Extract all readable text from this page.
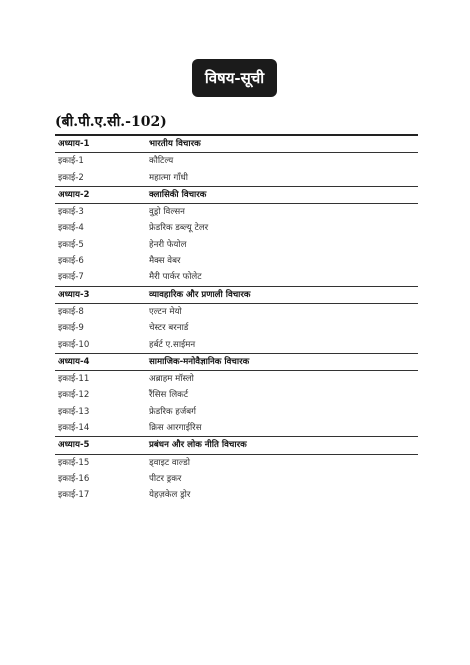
विषय-सूची
(बी.पी.ए.सी.-102)
अध्याय-1	भारतीय विचारक
इकाई-1	कौटिल्य
इकाई-2	महात्मा गाँधी
अध्याय-2	क्लासिकी विचारक
इकाई-3	वुड्रो विल्सन
इकाई-4	फ्रेडरिक डब्ल्यू टेलर
इकाई-5	हेनरी फेयोल
इकाई-6	मैक्स वेबर
इकाई-7	मैरी पार्कर फोलेट
अध्याय-3	व्यावहारिक और प्रणाली विचारक
इकाई-8	एल्टन मेयो
इकाई-9	चेस्टर बरनार्ड
इकाई-10	हर्बर्ट ए.साईमन
अध्याय-4	सामाजिक-मनोवैज्ञानिक विचारक
इकाई-11	अब्राहम मॉस्लो
इकाई-12	रैंसिस लिकर्ट
इकाई-13	फ्रेडरिक हर्जबर्ग
इकाई-14	क्रिस आरगाईरिस
अध्याय-5	प्रबंधन और लोक नीति विचारक
इकाई-15	ड्वाइट वाल्डो
इकाई-16	पीटर ड्रकर
इकाई-17	येहज़केल ड्रोर
